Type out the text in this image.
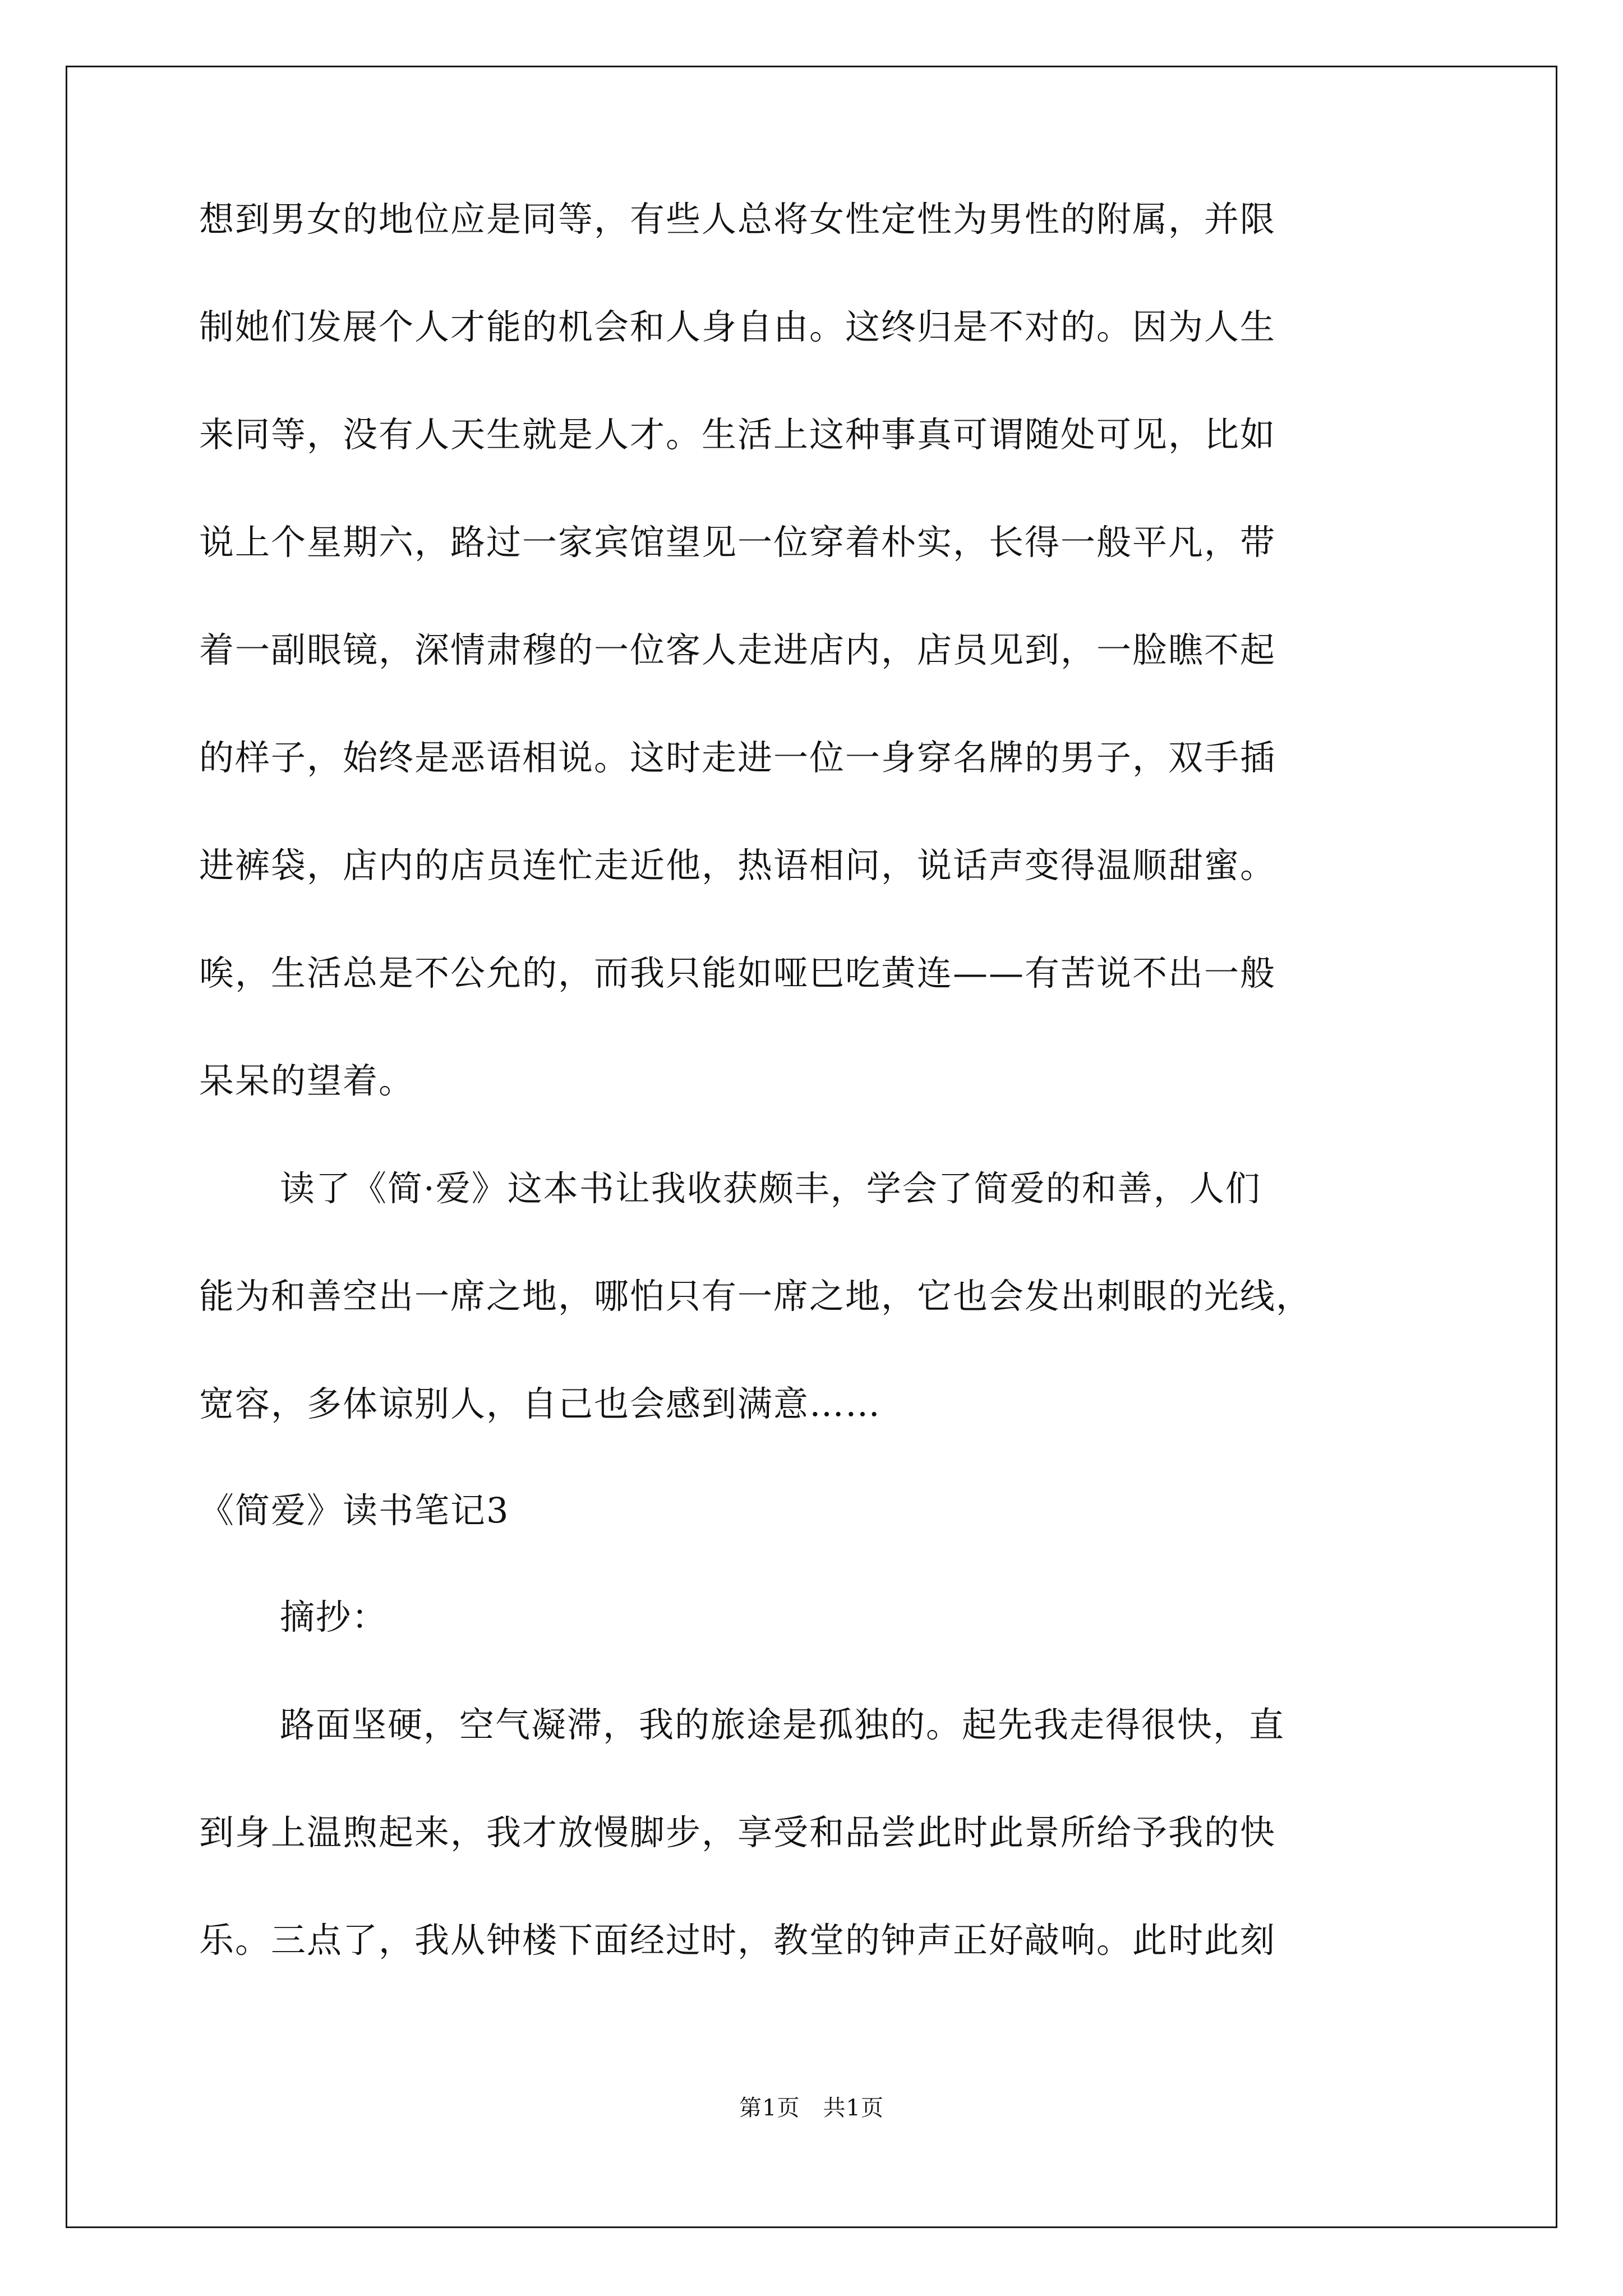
想到男女的地位应是同等，有些人总将女性定性为男性的附属，并限
制她们发展个人才能的机会和人身自由。这终归是不对的。因为人生
来同等，没有人天生就是人才。生活上这种事真可谓随处可见，比如
说上个星期六，路过一家宾馆望见一位穿着朴实，长得一般平凡，带
着一副眼镜，深情肃穆的一位客人走进店内，店员见到，一脸瞧不起
的样子，始终是恶语相说。这时走进一位一身穿名牌的男子，双手插
进裤袋，店内的店员连忙走近他，热语相问，说话声变得温顺甜蜜。
唉，生活总是不公允的，而我只能如哑巴吃黄连——有苦说不出一般
呆呆的望着。
读了《简·爱》这本书让我收获颇丰，学会了简爱的和善，人们
能为和善空出一席之地，哪怕只有一席之地，它也会发出刺眼的光线，
宽容，多体谅别人，自己也会感到满意……
《简爱》读书笔记3
摘抄：
路面坚硬，空气凝滞，我的旅途是孤独的。起先我走得很快，直
到身上温煦起来，我才放慢脚步，享受和品尝此时此景所给予我的快
乐。三点了，我从钟楼下面经过时，教堂的钟声正好敲响。此时此刻
第1页　共1页
